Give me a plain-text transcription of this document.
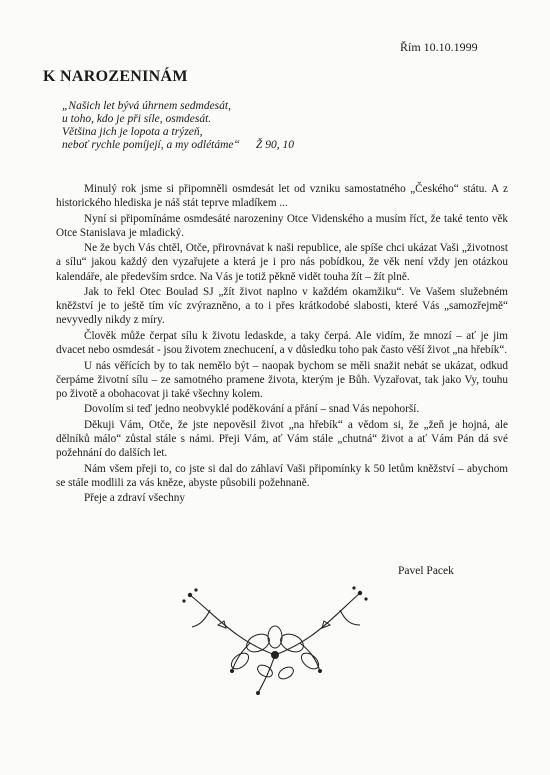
Řím 10.10.1999
K NAROZENINÁM
„Našich let bývá úhrnem sedmdesát,
u toho, kdo je při síle, osmdesát.
Většina jich je lopota a trýzeň,
neboť rychle pomíjejí, a my odlétáme“ Ž 90, 10

Minulý rok jsme si připomněli osmdesát let od vzniku samostatného „Českého“ státu. A z historického hlediska je náš stát teprve mladíkem ...

Nyní si připomínáme osmdesáté narozeniny Otce Videnského a musím říct, že také tento věk Otce Stanislava je mladický.

Ne že bych Vás chtěl, Otče, přirovnávat k naši republice, ale spíše chci ukázat Vaši „životnost a sílu“ jakou každý den vyzařujete a která je i pro nás pobídkou, že věk není vždy jen otázkou kalendáře, ale především srdce. Na Vás je totiž pěkně vidět touha žít – žít plně.

Jak to řekl Otec Boulad SJ „žít život naplno v každém okamžiku“. Ve Vašem služebném kněžství je to ještě tím víc zvýrazněno, a to i přes krátkodobé slabosti, které Vás „samozřejmě“ nevyvedly nikdy z míry.

Člověk může čerpat sílu k životu ledaskde, a taky čerpá. Ale vidím, že mnozí – ať je jim dvacet nebo osmdesát - jsou životem znechucení, a v důsledku toho pak často věší život „na hřebík“.

U nás věřících by to tak nemělo být – naopak bychom se měli snažit nebát se ukázat, odkud čerpáme životní sílu – ze samotného pramene života, kterým je Bůh. Vyzařovat, tak jako Vy, touhu po životě a obohacovat ji také všechny kolem.

Dovolím si teď jedno neobvyklé poděkování a přání – snad Vás nepohorší.

Děkuji Vám, Otče, že jste nepověsil život „na hřebík“ a vědom si, že „žeň je hojná, ale dělníků málo“ zůstal stále s námi. Přeji Vám, ať Vám stále „chutná“ život a ať Vám Pán dá své požehnání do dalších let.

Nám všem přeji to, co jste si dal do záhlaví Vaši připomínky k 50 letům kněžství – abychom se stále modlili za vás kněze, abyste působili požehnaně.

Přeje a zdraví všechny

Pavel Pacek
